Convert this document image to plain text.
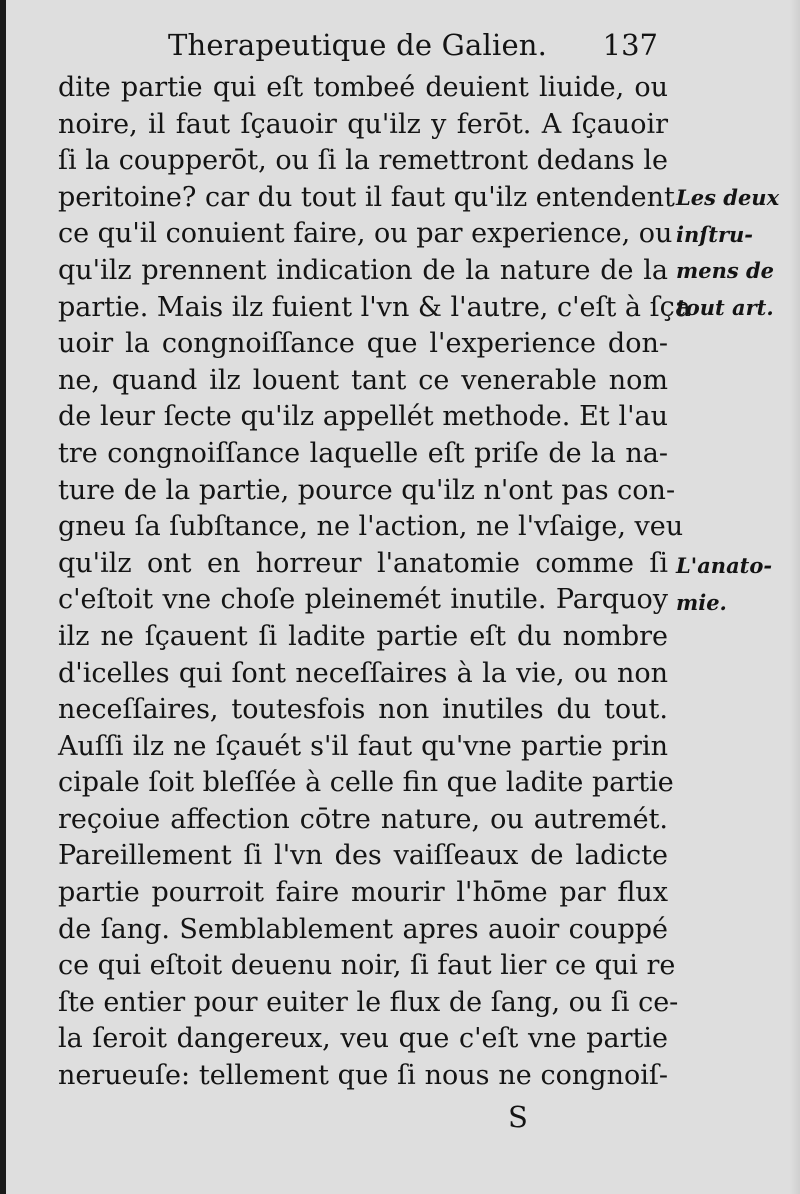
Therapeutique de Galien. 137
dite partie qui eſt tombeé deuient liuide, ou
noire, il faut ſçauoir qu'ilz y ferōt. A ſçauoir
ſi la coupperōt, ou ſi la remettront dedans le
peritoine? car du tout il faut qu'ilz entendent
ce qu'il conuient faire, ou par experience, ou
qu'ilz prennent indication de la nature de la
partie. Mais ilz fuient l'vn & l'autre, c'eſt à ſça
uoir la congnoiſſance que l'experience don-
ne, quand ilz louent tant ce venerable nom
de leur ſecte qu'ilz appellét methode. Et l'au
tre congnoiſſance laquelle eſt priſe de la na-
ture de la partie, pource qu'ilz n'ont pas con-
gneu ſa ſubſtance, ne l'action, ne l'vſaige, veu
qu'ilz ont en horreur l'anatomie comme ſi
c'eſtoit vne choſe pleinemét inutile. Parquoy
ilz ne ſçauent ſi ladite partie eſt du nombre
d'icelles qui ſont neceſſaires à la vie, ou non
neceſſaires, toutesfois non inutiles du tout.
Auſſi ilz ne ſçauét s'il faut qu'vne partie prin
cipale ſoit bleſſée à celle fin que ladite partie
reçoiue affection cōtre nature, ou autremét.
Pareillement ſi l'vn des vaiſſeaux de ladicte
partie pourroit faire mourir l'hōme par flux
de ſang. Semblablement apres auoir couppé
ce qui eſtoit deuenu noir, ſi faut lier ce qui re
ſte entier pour euiter le flux de ſang, ou ſi ce-
la ſeroit dangereux, veu que c'eſt vne partie
nerueuſe: tellement que ſi nous ne congnoiſ-
Les deux
inſtru-
mens de
tout art.
L'anato-
mie.
S
